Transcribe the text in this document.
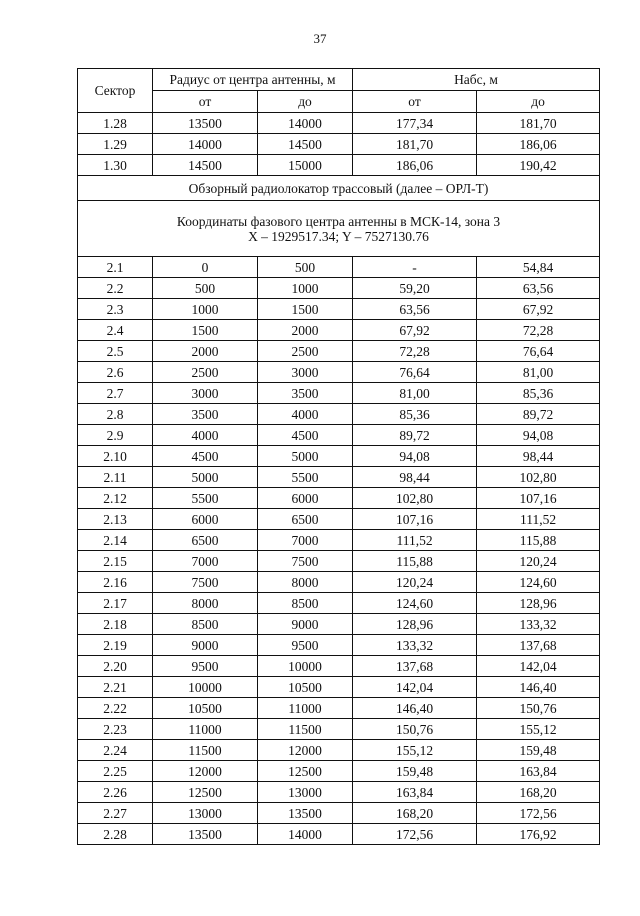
37
Сектор	Радиус от центра антенны, м		Набс, м	
	от	до	от	до
1.28	13500	14000	177,34	181,70
1.29	14000	14500	181,70	186,06
1.30	14500	15000	186,06	190,42
Обзорный радиолокатор трассовый (далее – ОРЛ-Т)				

Координаты фазового центра антенны в МСК-14, зона 3
X – 1929517.34; Y – 7527130.76				

2.1	0	500	-	54,84
2.2	500	1000	59,20	63,56
2.3	1000	1500	63,56	67,92
2.4	1500	2000	67,92	72,28
2.5	2000	2500	72,28	76,64
2.6	2500	3000	76,64	81,00
2.7	3000	3500	81,00	85,36
2.8	3500	4000	85,36	89,72
2.9	4000	4500	89,72	94,08
2.10	4500	5000	94,08	98,44
2.11	5000	5500	98,44	102,80
2.12	5500	6000	102,80	107,16
2.13	6000	6500	107,16	111,52
2.14	6500	7000	111,52	115,88
2.15	7000	7500	115,88	120,24
2.16	7500	8000	120,24	124,60
2.17	8000	8500	124,60	128,96
2.18	8500	9000	128,96	133,32
2.19	9000	9500	133,32	137,68
2.20	9500	10000	137,68	142,04
2.21	10000	10500	142,04	146,40
2.22	10500	11000	146,40	150,76
2.23	11000	11500	150,76	155,12
2.24	11500	12000	155,12	159,48
2.25	12000	12500	159,48	163,84
2.26	12500	13000	163,84	168,20
2.27	13000	13500	168,20	172,56
2.28	13500	14000	172,56	176,92
